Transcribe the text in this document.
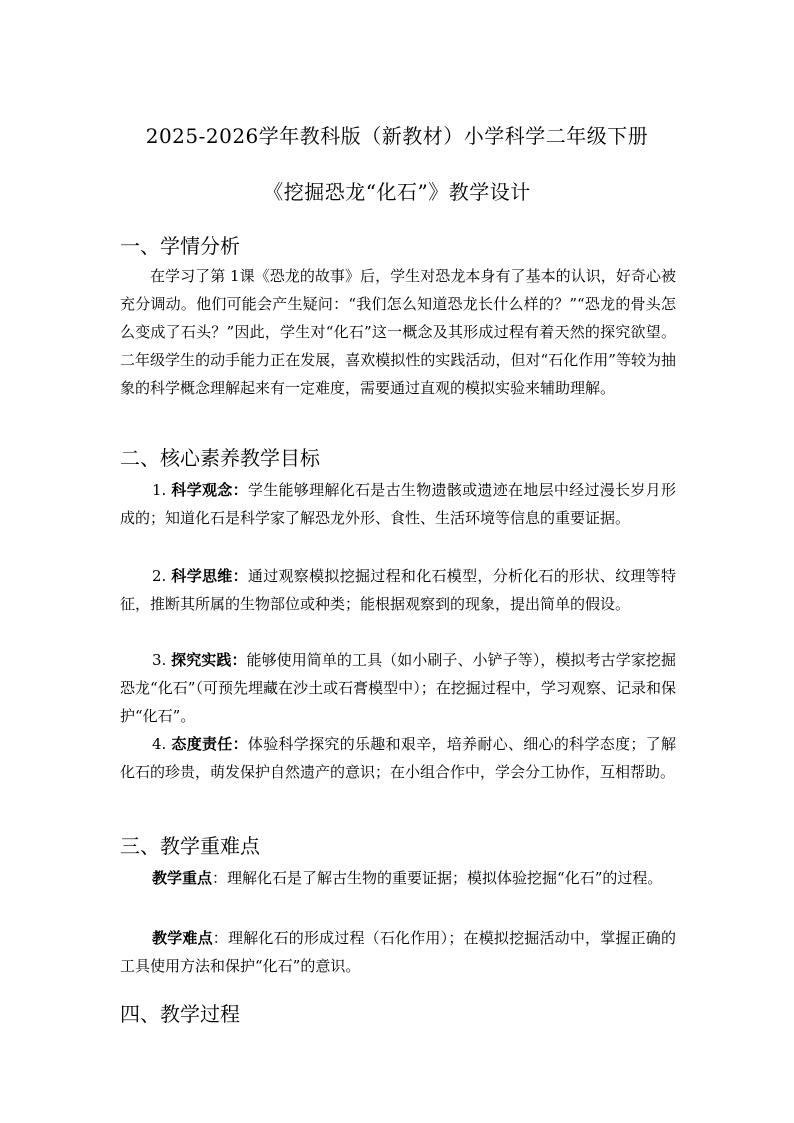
2025-2026学年教科版（新教材）小学科学二年级下册
《挖掘恐龙“化石”》教学设计
一、学情分析

在学习了第 1课《恐龙的故事》后，学生对恐龙本身有了基本的认识，好奇心被充分调动。他们可能会产生疑问：“我们怎么知道恐龙长什么样的？”“恐龙的骨头怎么变成了石头？”因此，学生对“化石”这一概念及其形成过程有着天然的探究欲望。二年级学生的动手能力正在发展，喜欢模拟性的实践活动，但对“石化作用”等较为抽象的科学概念理解起来有一定难度，需要通过直观的模拟实验来辅助理解。

二、核心素养教学目标

1. 科学观念：学生能够理解化石是古生物遗骸或遗迹在地层中经过漫长岁月形成的；知道化石是科学家了解恐龙外形、食性、生活环境等信息的重要证据。

2. 科学思维：通过观察模拟挖掘过程和化石模型，分析化石的形状、纹理等特征，推断其所属的生物部位或种类；能根据观察到的现象，提出简单的假设。

3. 探究实践：能够使用简单的工具（如小刷子、小铲子等），模拟考古学家挖掘恐龙“化石”（可预先埋藏在沙土或石膏模型中）；在挖掘过程中，学习观察、记录和保护“化石”。

4. 态度责任：体验科学探究的乐趣和艰辛，培养耐心、细心的科学态度；了解化石的珍贵，萌发保护自然遗产的意识；在小组合作中，学会分工协作，互相帮助。

三、教学重难点

教学重点：理解化石是了解古生物的重要证据；模拟体验挖掘“化石”的过程。

教学难点：理解化石的形成过程（石化作用）；在模拟挖掘活动中，掌握正确的工具使用方法和保护“化石”的意识。

四、教学过程
